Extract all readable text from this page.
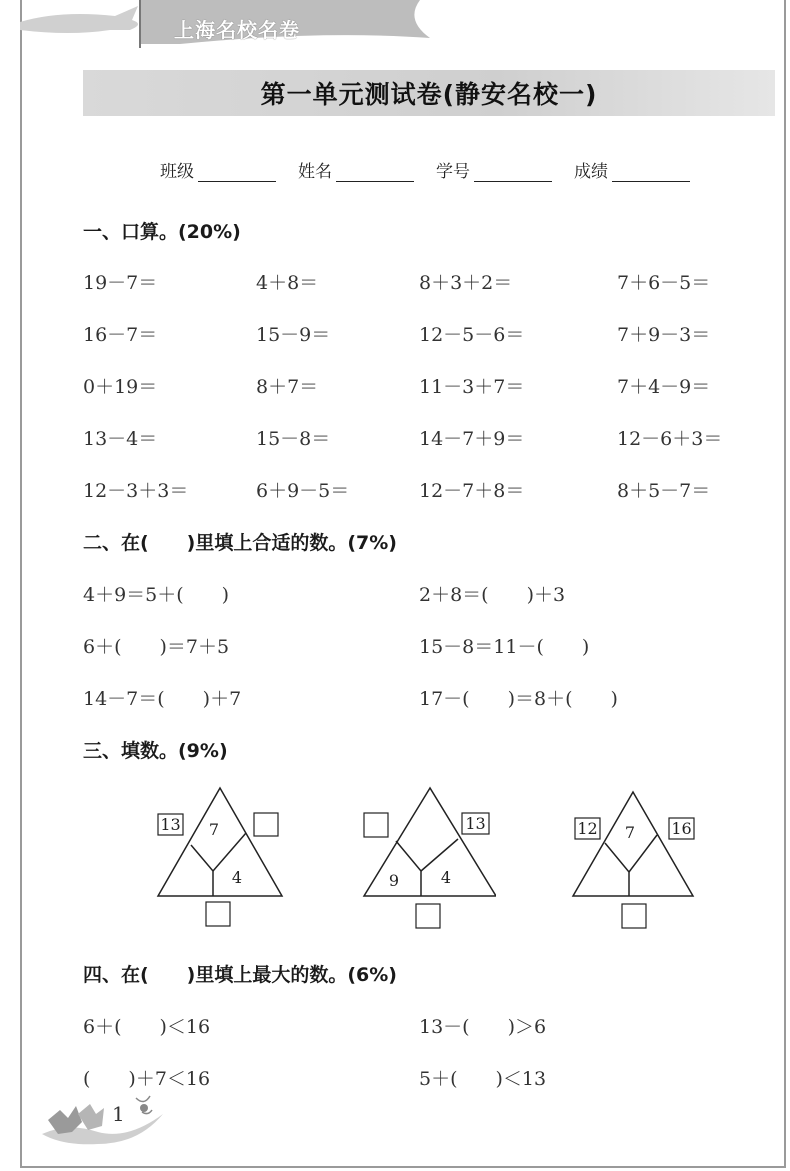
上海名校名卷
第一单元测试卷(静安名校一)
班级	姓名	学号	成绩
一、口算。(20%)
19－7＝	4＋8＝	8＋3＋2＝	7＋6－5＝
16－7＝	15－9＝	12－5－6＝	7＋9－3＝
0＋19＝	8＋7＝	11－3＋7＝	7＋4－9＝
13－4＝	15－8＝	14－7＋9＝	12－6＋3＝
12－3＋3＝	6＋9－5＝	12－7＋8＝	8＋5－7＝
二、在(　　)里填上合适的数。(7%)
4＋9＝5＋(　　)	2＋8＝(　　)＋3
6＋(　　)＝7＋5	15－8＝11－(　　)
14－7＝(　　)＋7	17－(　　)＝8＋(　　)
三、填数。(9%)
13 7
4	9	4
13	12 7 16
四、在(　　)里填上最大的数。(6%)
6＋(　　)＜16	13－(　　)＞6
(　　)＋7＜16	5＋(　　)＜13
1
